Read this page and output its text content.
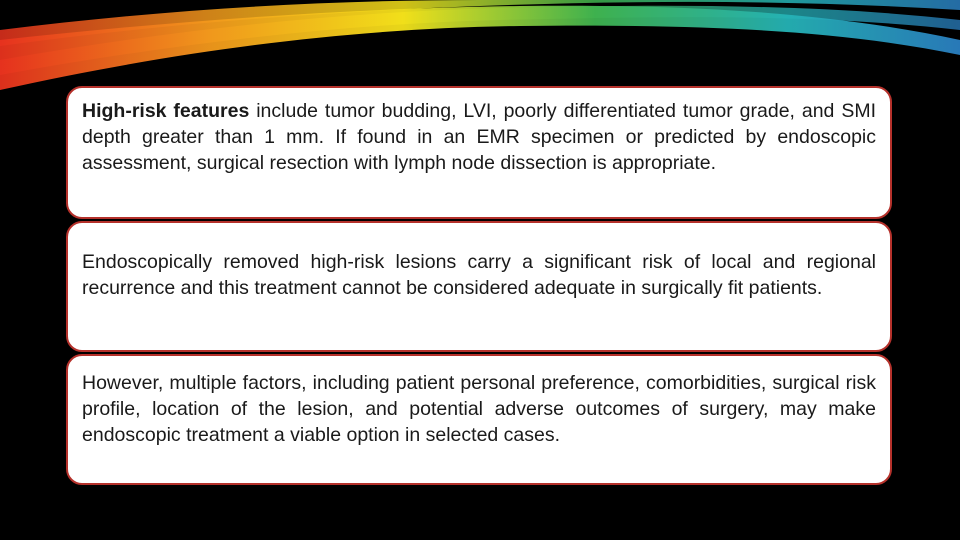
High-risk features include tumor budding, LVI, poorly differentiated tumor grade, and SMI depth greater than 1 mm. If found in an EMR specimen or predicted by endoscopic assessment, surgical resection with lymph node dissection is appropriate.
Endoscopically removed high-risk lesions carry a significant risk of local and regional recurrence and this treatment cannot be considered adequate in surgically fit patients.
However, multiple factors, including patient personal preference, comorbidities, surgical risk profile, location of the lesion, and potential adverse outcomes of surgery, may make endoscopic treatment a viable option in selected cases.
